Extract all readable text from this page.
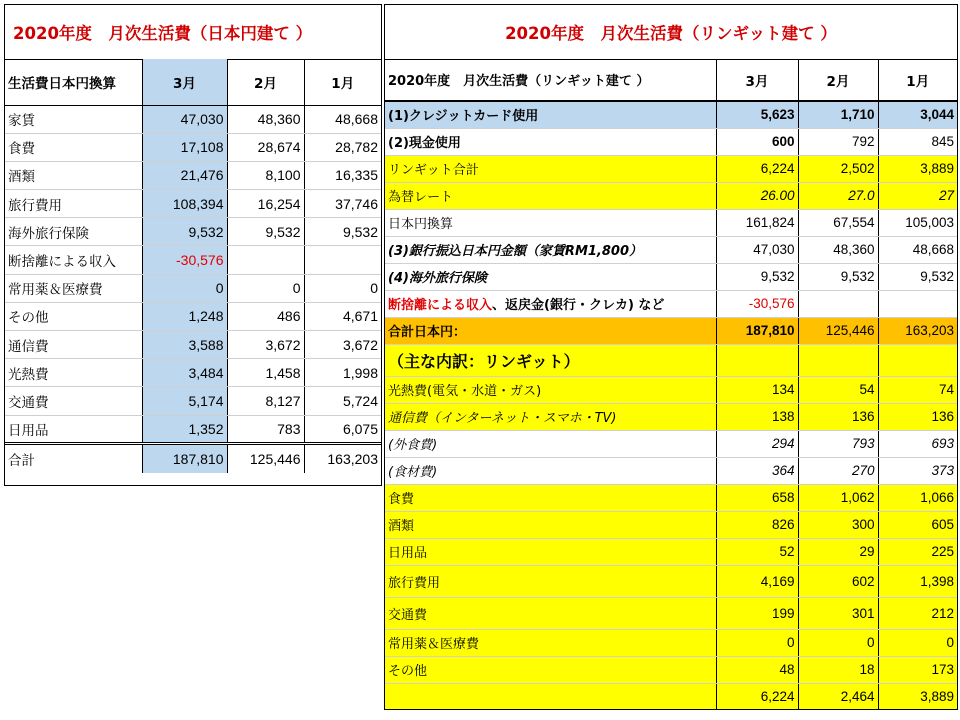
2020年度　月次生活費（日本円建て ）
生活費日本円換算	3月	2月	1月
家賃	47,030	48,360	48,668
食費	17,108	28,674	28,782
酒類	21,476	8,100	16,335
旅行費用	108,394	16,254	37,746
海外旅行保険	9,532	9,532	9,532
断捨離による収入	-30,576		
常用薬＆医療費	0	0	0
その他	1,248	486	4,671
通信費	3,588	3,672	3,672
光熱費	3,484	1,458	1,998
交通費	5,174	8,127	5,724
日用品	1,352	783	6,075
合計	187,810	125,446	163,203
2020年度　月次生活費（リンギット建て ）
2020年度　月次生活費（リンギット建て ）	3月	2月	1月
(1)クレジットカード使用	5,623	1,710	3,044
(2)現金使用	600	792	845
リンギット合計	6,224	2,502	3,889
為替レート	26.00	27.0	27
日本円換算	161,824	67,554	105,003
(3)銀行振込日本円金額（家賃RM1,800）	47,030	48,360	48,668
(4)海外旅行保険	9,532	9,532	9,532
断捨離による収入、返戻金(銀行・クレカ) など	-30,576		
合計日本円：	187,810	125,446	163,203
（主な内訳：リンギット）			
光熱費(電気・水道・ガス)	134	54	74
通信費（インターネット・スマホ・TV)	138	136	136
(外食費)	294	793	693
(食材費)	364	270	373
食費	658	1,062	1,066
酒類	826	300	605
日用品	52	29	225
旅行費用	4,169	602	1,398
交通費	199	301	212
常用薬＆医療費	0	0	0
その他	48	18	173
	6,224	2,464	3,889
